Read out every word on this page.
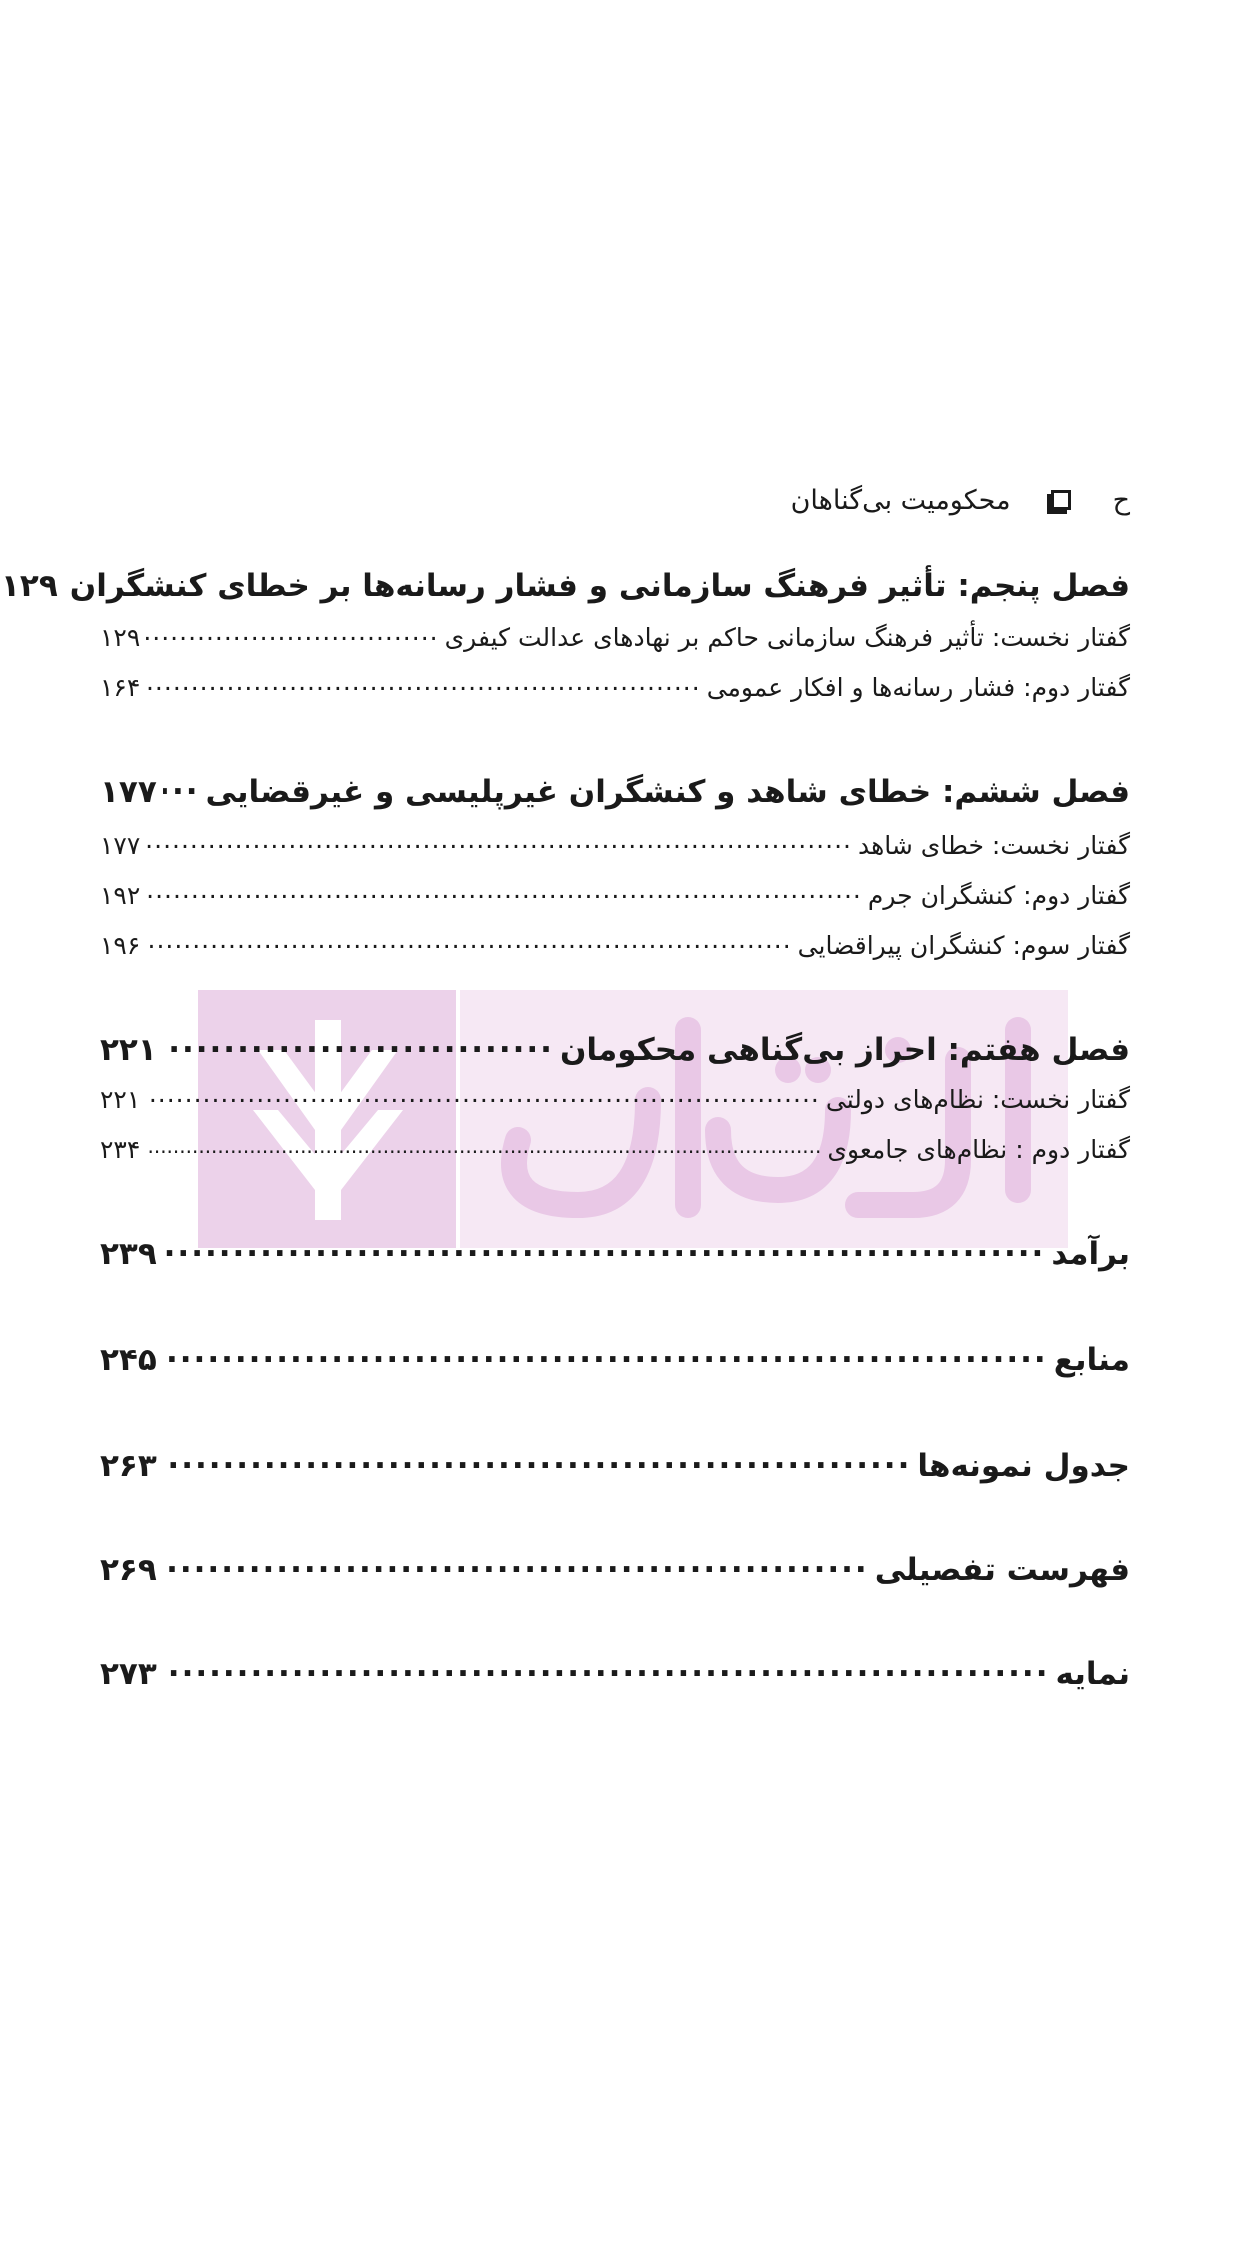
ح
محکومیت بی‌گناهان
فصل پنجم: تأثیر فرهنگ سازمانی و فشار رسانه‌ها بر خطای کنشگران
۱۲۹
گفتار نخست: تأثیر فرهنگ سازمانی حاکم بر نهادهای عدالت کیفری
.....
۱۲۹
گفتار دوم: فشار رسانه‌ها و افکار عمومی
.....
۱۶۴
فصل ششم: خطای شاهد و کنشگران غیرپلیسی و غیرقضایی
.....
۱۷۷
گفتار نخست: خطای شاهد
.....
۱۷۷
گفتار دوم: کنشگران جرم
.....
۱۹۲
گفتار سوم: کنشگران پیراقضایی
.....
۱۹۶
فصل هفتم: احراز بی‌گناهی محکومان
.....
۲۲۱
گفتار نخست: نظام‌های دولتی
.....
۲۲۱
گفتار دوم : نظام‌های جامعوی
.....
۲۳۴
برآمد
.....
۲۳۹
منابع
.....
۲۴۵
جدول نمونه‌ها
.....
۲۶۳
فهرست تفصیلی
.....
۲۶۹
نمایه
.....
۲۷۳
